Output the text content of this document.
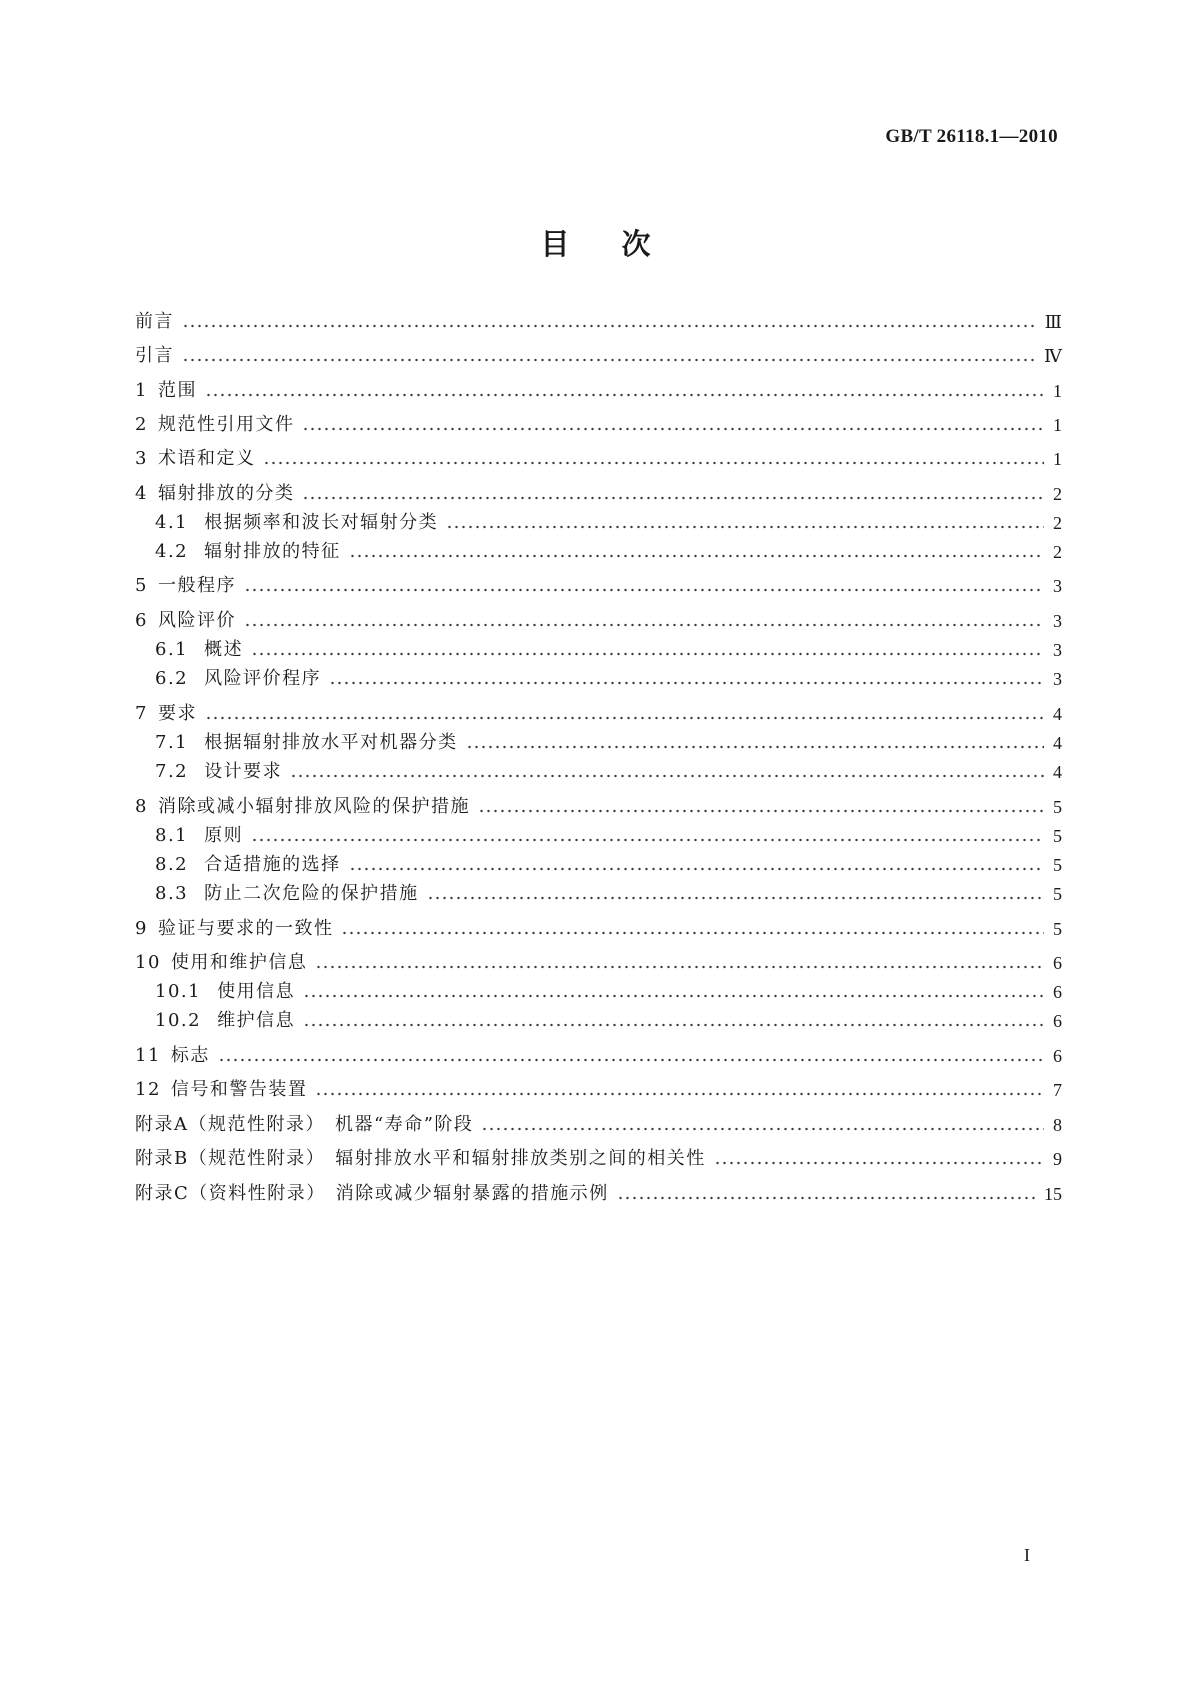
GB/T 26118.1—2010
目次
前言	Ⅲ
引言	Ⅳ
1 范围	1
2 规范性引用文件	1
3 术语和定义	1
4 辐射排放的分类	2
4.1 根据频率和波长对辐射分类	2
4.2 辐射排放的特征	2
5 一般程序	3
6 风险评价	3
6.1 概述	3
6.2 风险评价程序	3
7 要求	4
7.1 根据辐射排放水平对机器分类	4
7.2 设计要求	4
8 消除或减小辐射排放风险的保护措施	5
8.1 原则	5
8.2 合适措施的选择	5
8.3 防止二次危险的保护措施	5
9 验证与要求的一致性	5
10 使用和维护信息	6
10.1 使用信息	6
10.2 维护信息	6
11 标志	6
12 信号和警告装置	7
附录A（规范性附录） 机器“寿命”阶段	8
附录B（规范性附录） 辐射排放水平和辐射排放类别之间的相关性	9
附录C（资料性附录） 消除或减少辐射暴露的措施示例	15
I
